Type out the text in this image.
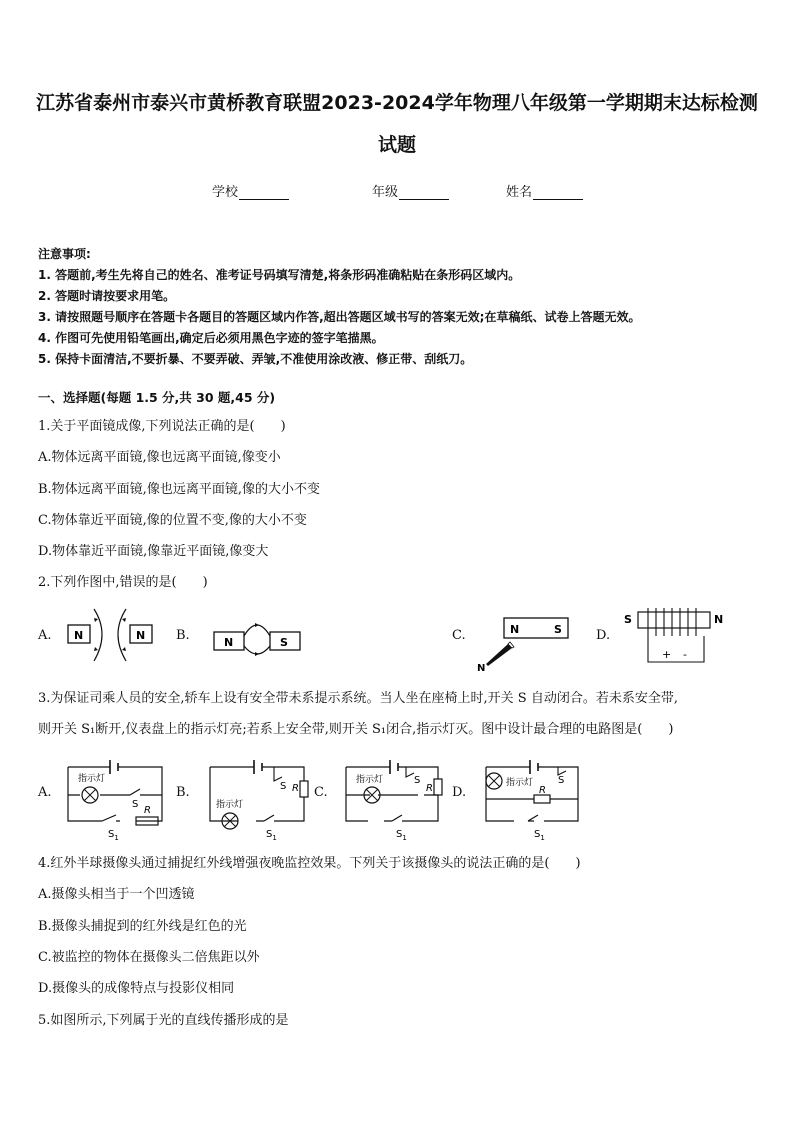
江苏省泰州市泰兴市黄桥教育联盟2023-2024学年物理八年级第一学期期末达标检测
试题
学校	年级	姓名
注意事项:
1. 答题前,考生先将自己的姓名、准考证号码填写清楚,将条形码准确粘贴在条形码区域内。
2. 答题时请按要求用笔。
3. 请按照题号顺序在答题卡各题目的答题区域内作答,超出答题区域书写的答案无效;在草稿纸、试卷上答题无效。
4. 作图可先使用铅笔画出,确定后必须用黑色字迹的签字笔描黑。
5. 保持卡面清洁,不要折暴、不要弄破、弄皱,不准使用涂改液、修正带、刮纸刀。
一、选择题(每题 1.5 分,共 30 题,45 分)
1.关于平面镜成像,下列说法正确的是(　　)
A.物体远离平面镜,像也远离平面镜,像变小
B.物体远离平面镜,像也远离平面镜,像的大小不变
C.物体靠近平面镜,像的位置不变,像的大小不变
D.物体靠近平面镜,像靠近平面镜,像变大
2.下列作图中,错误的是(　　)
A. N	N B.	N	S	C.	N	S
N
D.
S	N
+ -
3.为保证司乘人员的安全,轿车上设有安全带未系提示系统。当人坐在座椅上时,开关 S 自动闭合。若未系安全带,
则开关 S₁断开,仪表盘上的指示灯亮;若系上安全带,则开关 S₁闭合,指示灯灭。图中设计最合理的电路图是(　　)
A.
S
指示灯
R
$S_1$
B.	R
S
指示灯
$S_1$
C.	R
指示灯	S
$S_1$
D.
指示灯
R
S
$S_1$
4.红外半球摄像头通过捕捉红外线增强夜晚监控效果。下列关于该摄像头的说法正确的是(　　)
A.摄像头相当于一个凹透镜
B.摄像头捕捉到的红外线是红色的光
C.被监控的物体在摄像头二倍焦距以外
D.摄像头的成像特点与投影仪相同
5.如图所示,下列属于光的直线传播形成的是
